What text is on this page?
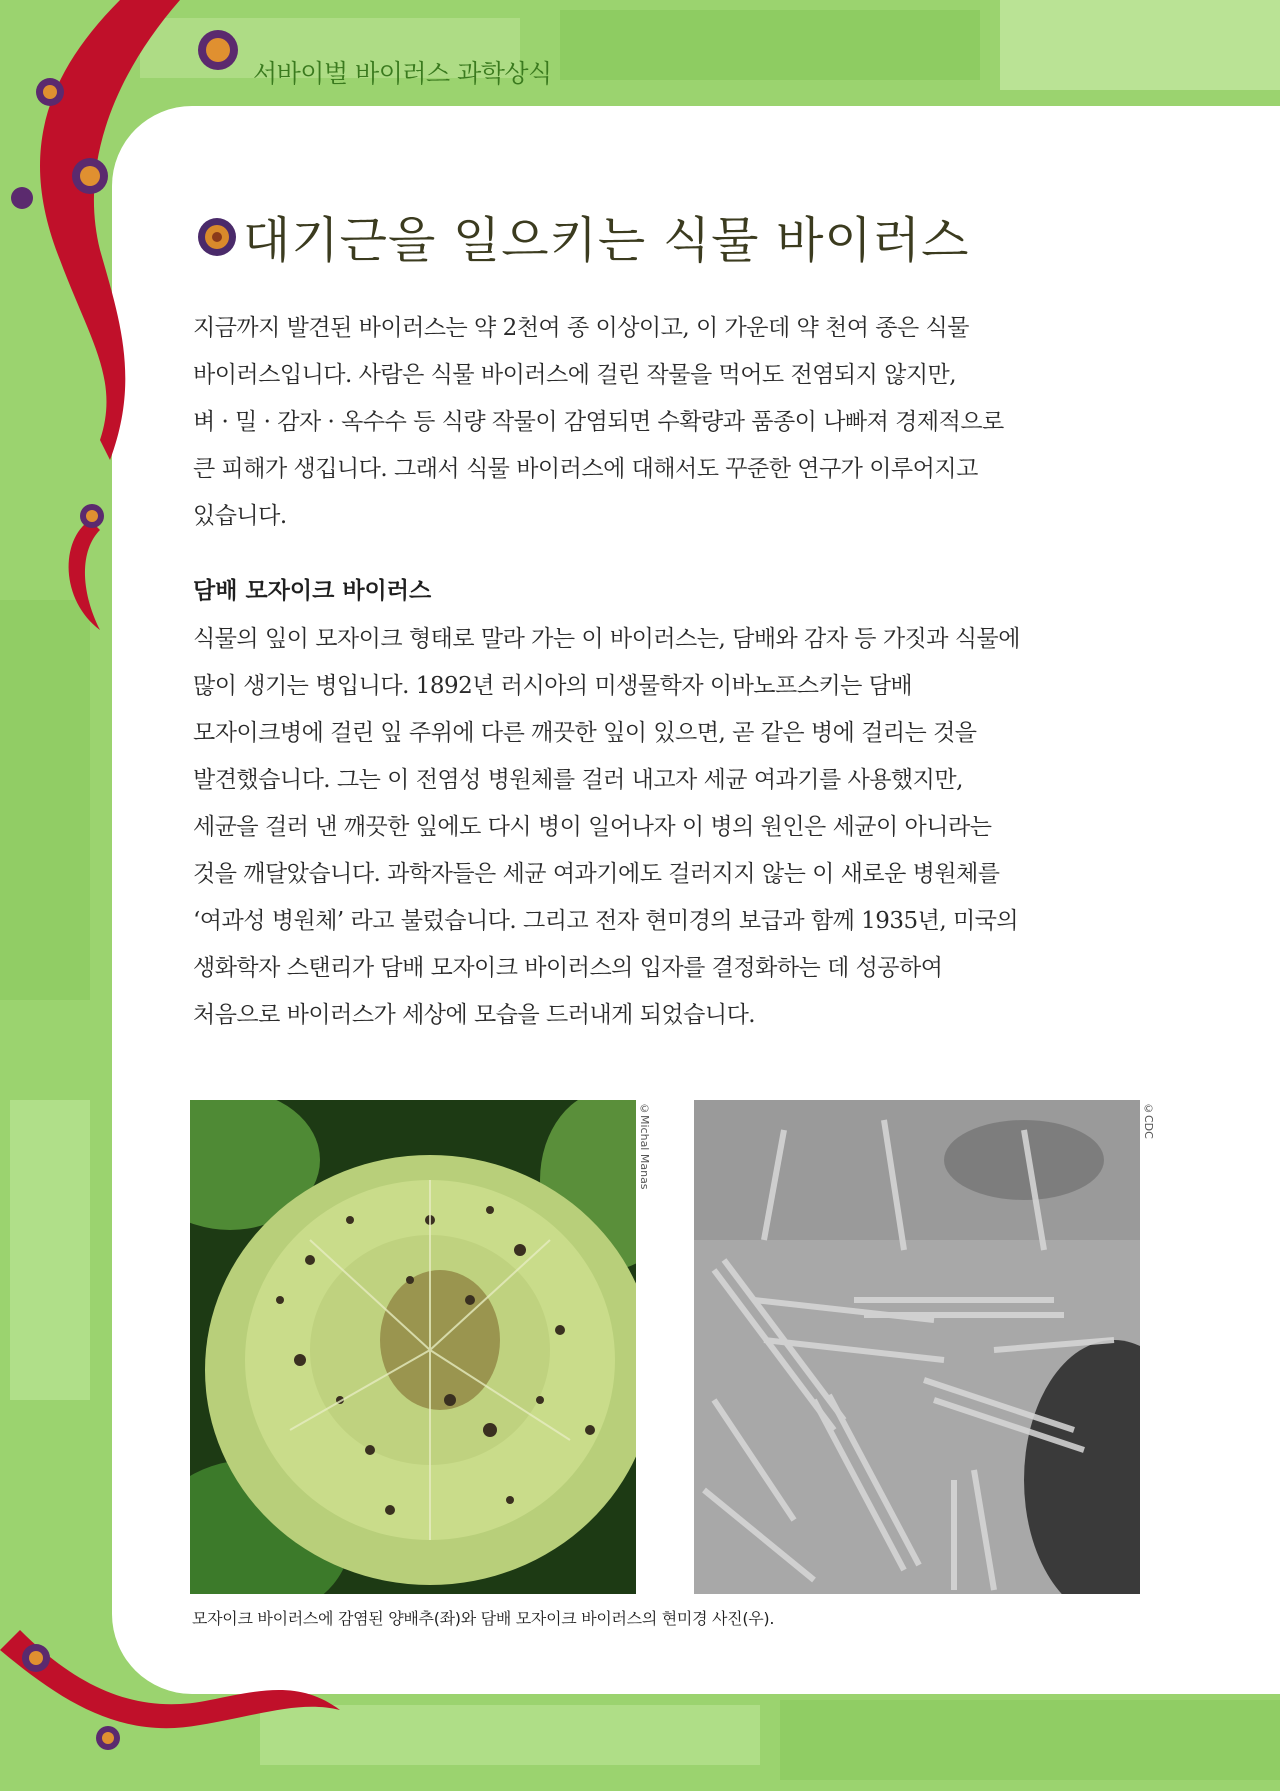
서바이벌 바이러스 과학상식
대기근을 일으키는 식물 바이러스

지금까지 발견된 바이러스는 약 2천여 종 이상이고, 이 가운데 약 천여 종은 식물
바이러스입니다. 사람은 식물 바이러스에 걸린 작물을 먹어도 전염되지 않지만,
벼 · 밀 · 감자 · 옥수수 등 식량 작물이 감염되면 수확량과 품종이 나빠져 경제적으로
큰 피해가 생깁니다. 그래서 식물 바이러스에 대해서도 꾸준한 연구가 이루어지고
있습니다.

담배 모자이크 바이러스

식물의 잎이 모자이크 형태로 말라 가는 이 바이러스는, 담배와 감자 등 가짓과 식물에
많이 생기는 병입니다. 1892년 러시아의 미생물학자 이바노프스키는 담배
모자이크병에 걸린 잎 주위에 다른 깨끗한 잎이 있으면, 곧 같은 병에 걸리는 것을
발견했습니다. 그는 이 전염성 병원체를 걸러 내고자 세균 여과기를 사용했지만,
세균을 걸러 낸 깨끗한 잎에도 다시 병이 일어나자 이 병의 원인은 세균이 아니라는
것을 깨달았습니다. 과학자들은 세균 여과기에도 걸러지지 않는 이 새로운 병원체를
‘여과성 병원체’ 라고 불렀습니다. 그리고 전자 현미경의 보급과 함께 1935년, 미국의
생화학자 스탠리가 담배 모자이크 바이러스의 입자를 결정화하는 데 성공하여
처음으로 바이러스가 세상에 모습을 드러내게 되었습니다.

©Michal Manas	©CDC
모자이크 바이러스에 감염된 양배추(좌)와 담배 모자이크 바이러스의 현미경 사진(우).
